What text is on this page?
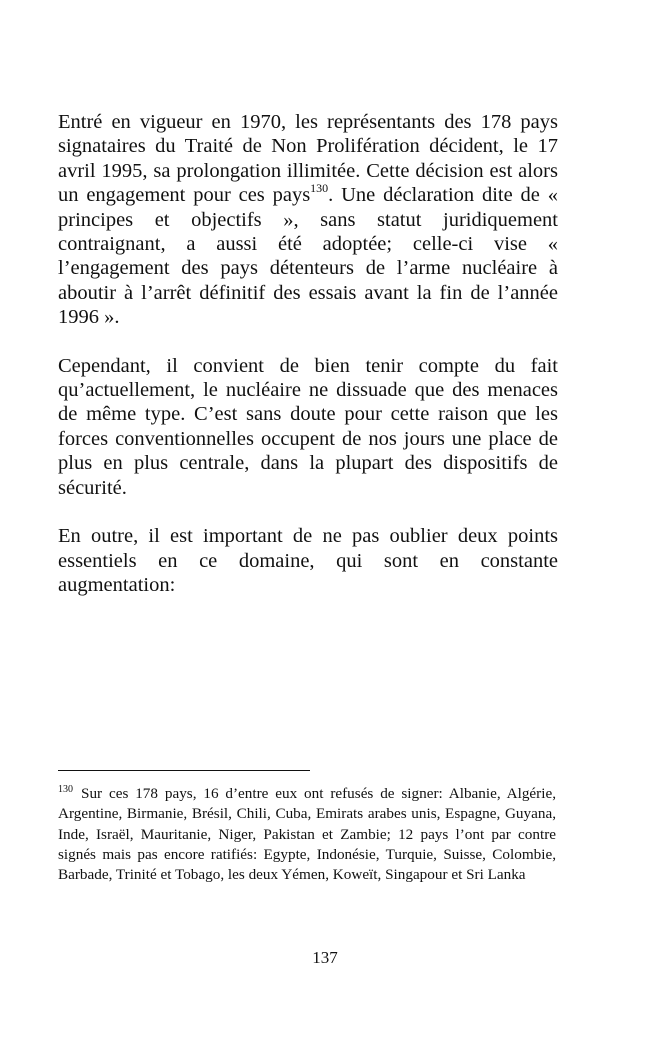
Entré en vigueur en 1970, les représentants des 178 pays signataires du Traité de Non Prolifération décident, le 17 avril 1995, sa prolongation illimitée. Cette décision est alors un engagement pour ces pays$^{130}$. Une déclaration dite de « principes et objectifs », sans statut juridiquement contraignant, a aussi été adoptée; celle-ci vise « l’engagement des pays détenteurs de l’arme nucléaire à aboutir à l’arrêt définitif des essais avant la fin de l’année 1996 ».

Cependant, il convient de bien tenir compte du fait qu’actuellement, le nucléaire ne dissuade que des menaces de même type. C’est sans doute pour cette raison que les forces conventionnelles occupent de nos jours une place de plus en plus centrale, dans la plupart des dispositifs de sécurité.

En outre, il est important de ne pas oublier deux points essentiels en ce domaine, qui sont en constante augmentation:

$^{130}$ Sur ces 178 pays, 16 d’entre eux ont refusés de signer: Albanie, Algérie, Argentine, Birmanie, Brésil, Chili, Cuba, Emirats arabes unis, Espagne, Guyana, Inde, Israël, Mauritanie, Niger, Pakistan et Zambie; 12 pays l’ont par contre signés mais pas encore ratifiés: Egypte, Indonésie, Turquie, Suisse, Colombie, Barbade, Trinité et Tobago, les deux Yémen, Koweït, Singapour et Sri Lanka

137
